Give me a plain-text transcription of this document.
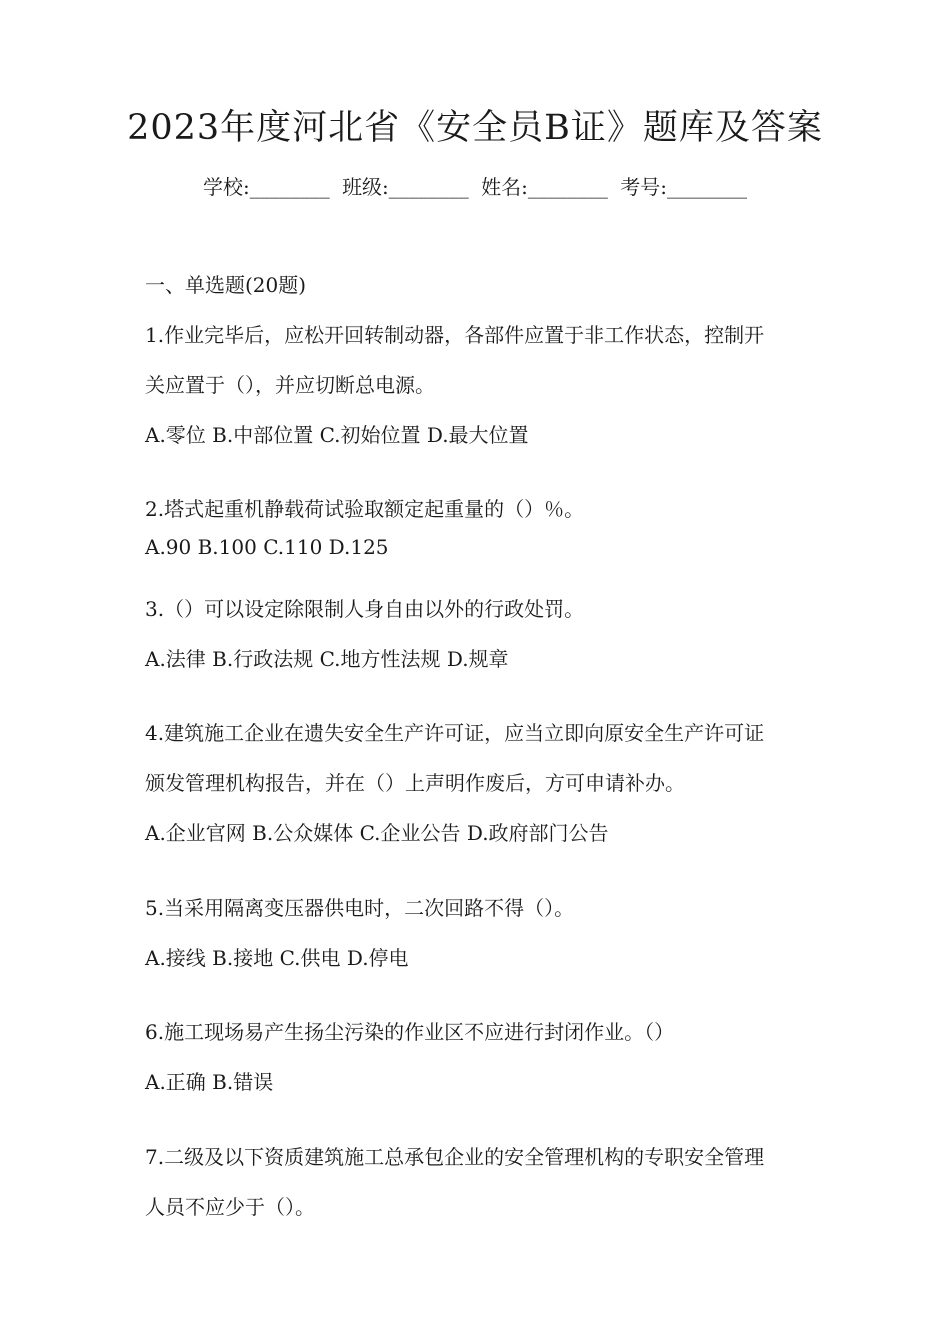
2023年度河北省《安全员B证》题库及答案
学校:________ 班级:________ 姓名:________ 考号:________
一、单选题(20题)
1.作业完毕后，应松开回转制动器，各部件应置于非工作状态，控制开
关应置于（），并应切断总电源。
A.零位 B.中部位置 C.初始位置 D.最大位置
2.塔式起重机静载荷试验取额定起重量的（）％。
A.90 B.100 C.110 D.125
3.（）可以设定除限制人身自由以外的行政处罚。
A.法律 B.行政法规 C.地方性法规 D.规章
4.建筑施工企业在遗失安全生产许可证，应当立即向原安全生产许可证
颁发管理机构报告，并在（）上声明作废后，方可申请补办。
A.企业官网 B.公众媒体 C.企业公告 D.政府部门公告
5.当采用隔离变压器供电时，二次回路不得（）。
A.接线 B.接地 C.供电 D.停电
6.施工现场易产生扬尘污染的作业区不应进行封闭作业。（）
A.正确 B.错误
7.二级及以下资质建筑施工总承包企业的安全管理机构的专职安全管理
人员不应少于（）。
